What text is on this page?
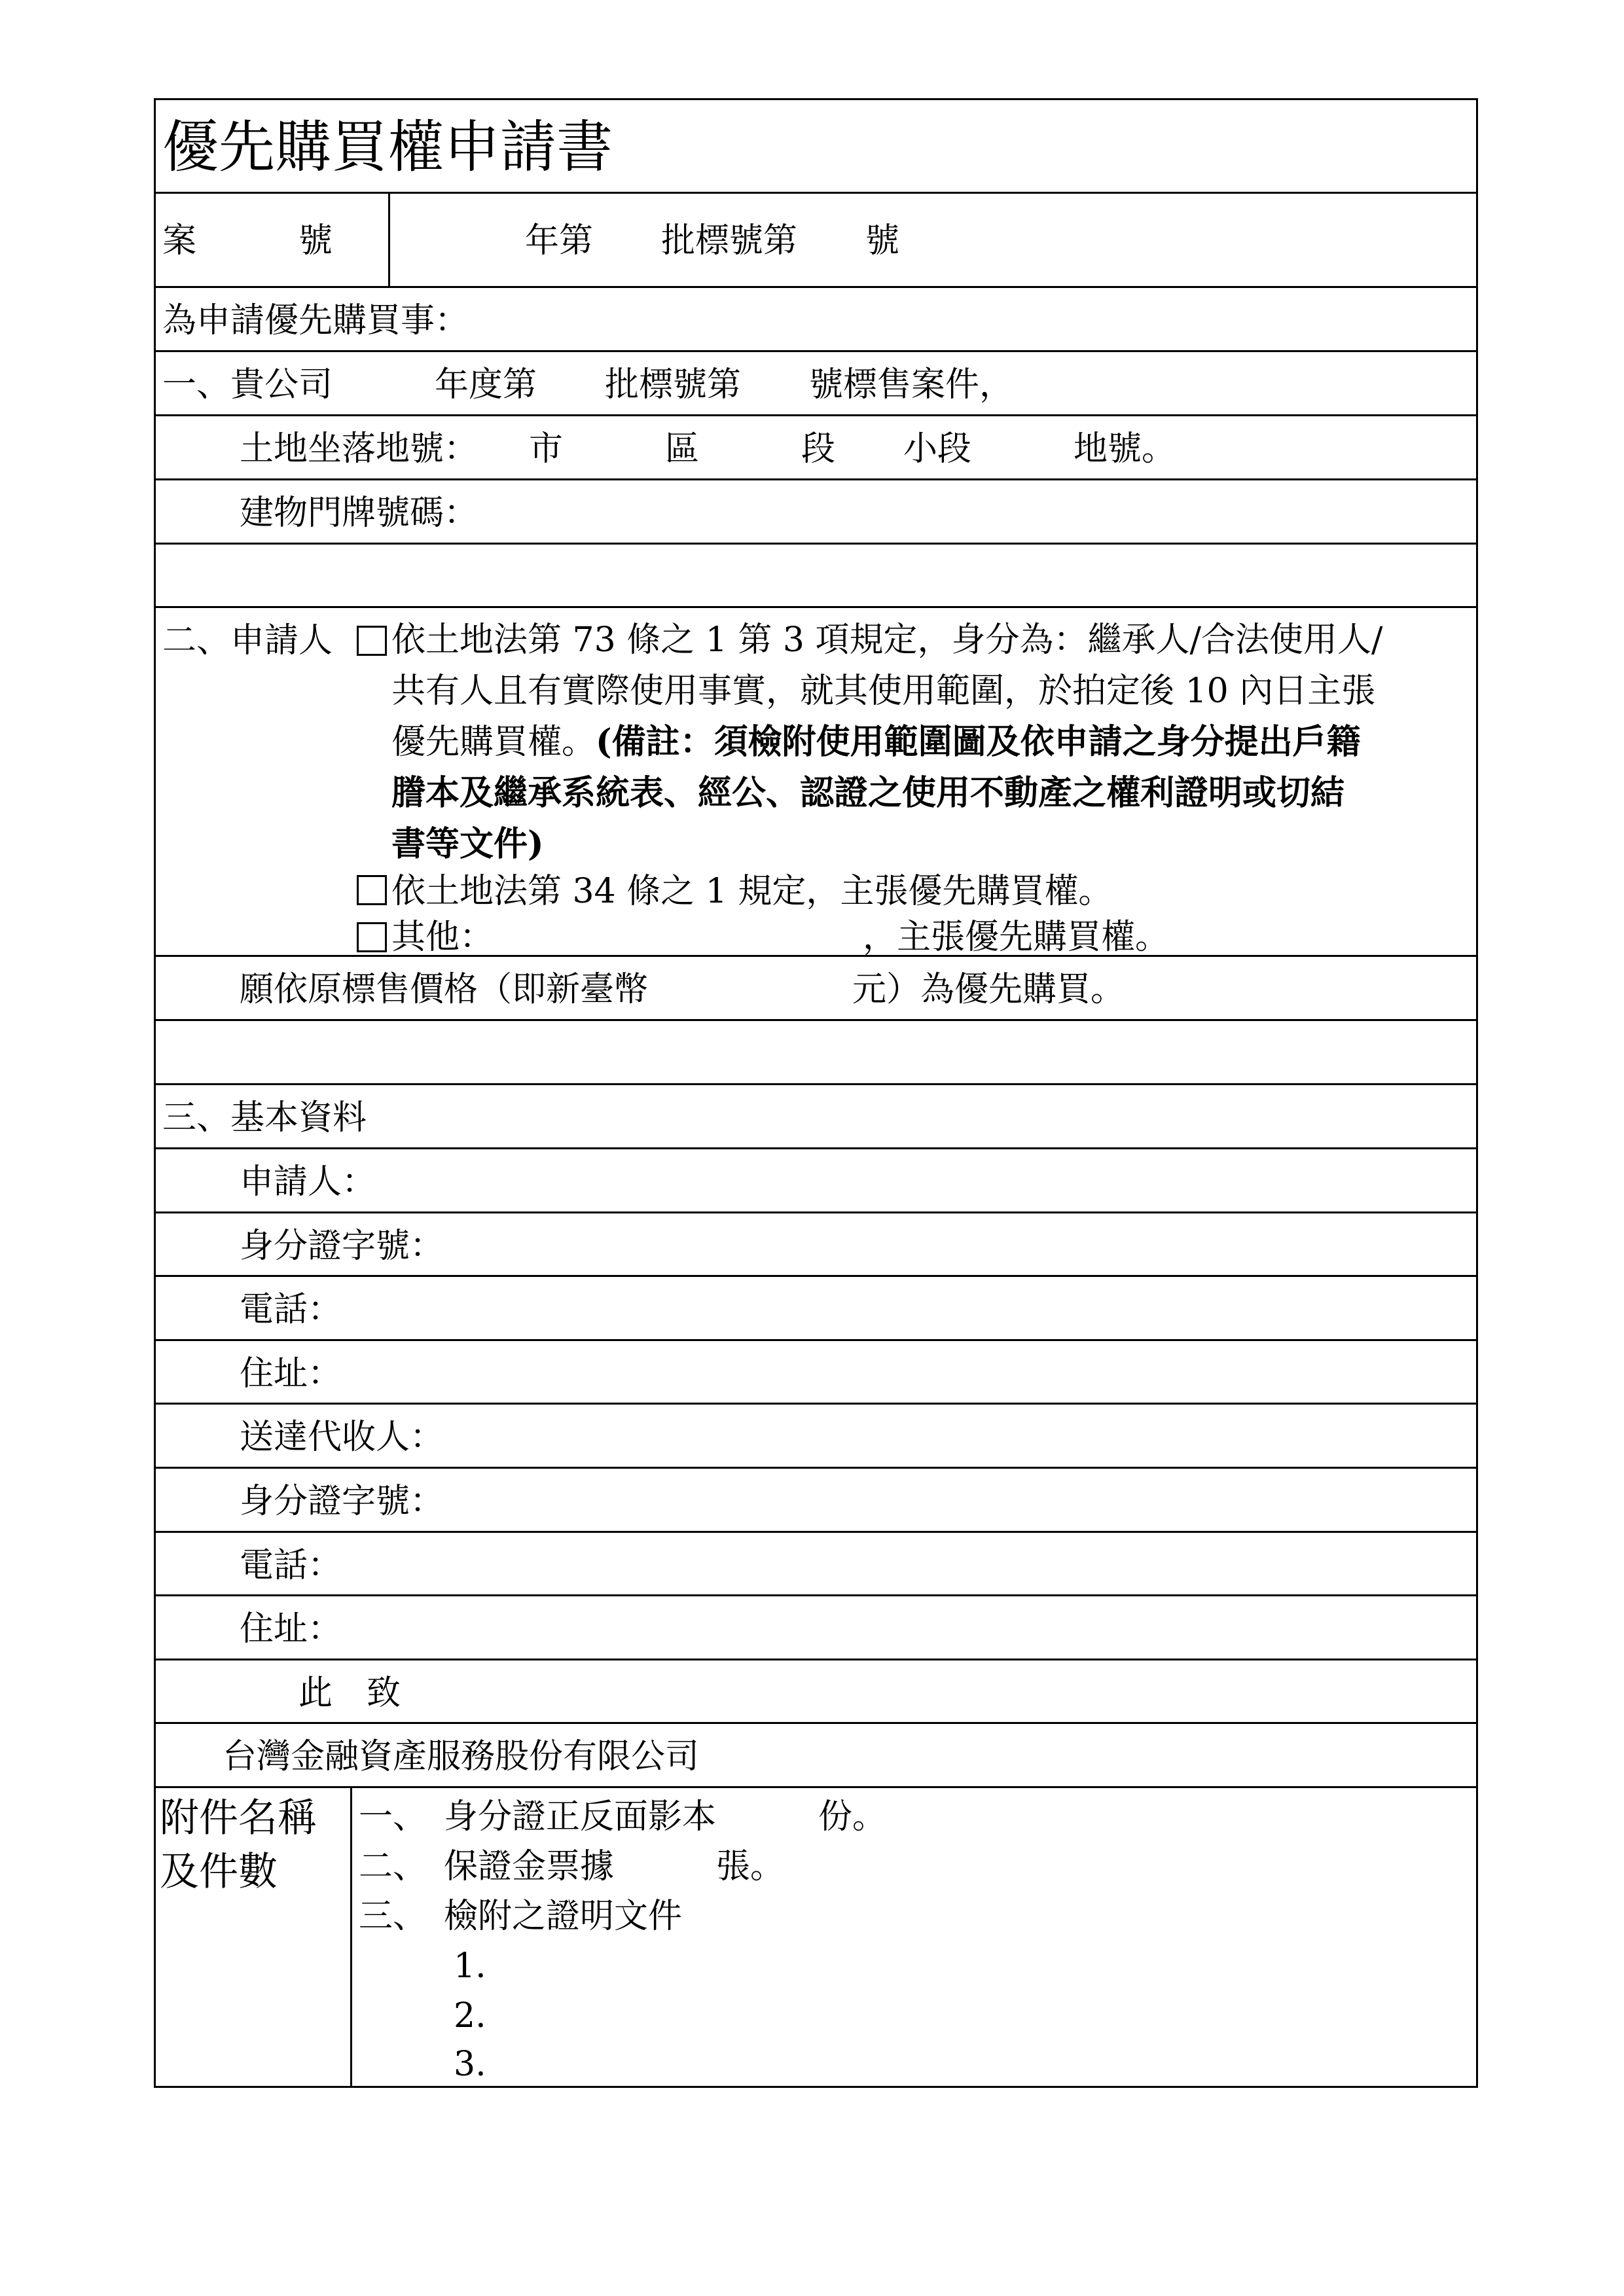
優先購買權申請書
案　　　號	　　年第　　批標號第　　號
為申請優先購買事：
一、貴公司　　　年度第　　批標號第　　號標售案件，
土地坐落地號：　　市　　　區　　　段　　小段　　　地號。
建物門牌號碼：
二、申請人 依土地法第 73 條之 1 第 3 項規定，身分為：繼承人/合法使用人/
共有人且有實際使用事實，就其使用範圍，於拍定後 10 內日主張
優先購買權。(備註：須檢附使用範圍圖及依申請之身分提出戶籍
謄本及繼承系統表、經公、認證之使用不動產之權利證明或切結
書等文件)
依土地法第 34 條之 1 規定，主張優先購買權。
其他：	，主張優先購買權。
願依原標售價格（即新臺幣　　　　　　元）為優先購買。
三、基本資料
申請人：
身分證字號：
電話：
住址：
送達代收人：
身分證字號：
電話：
住址：
此　致
台灣金融資產服務股份有限公司
附件名稱
及件數
一、　身分證正反面影本　　　份。
二、　保證金票據　　　張。
三、　檢附之證明文件
1.
2.
3.
